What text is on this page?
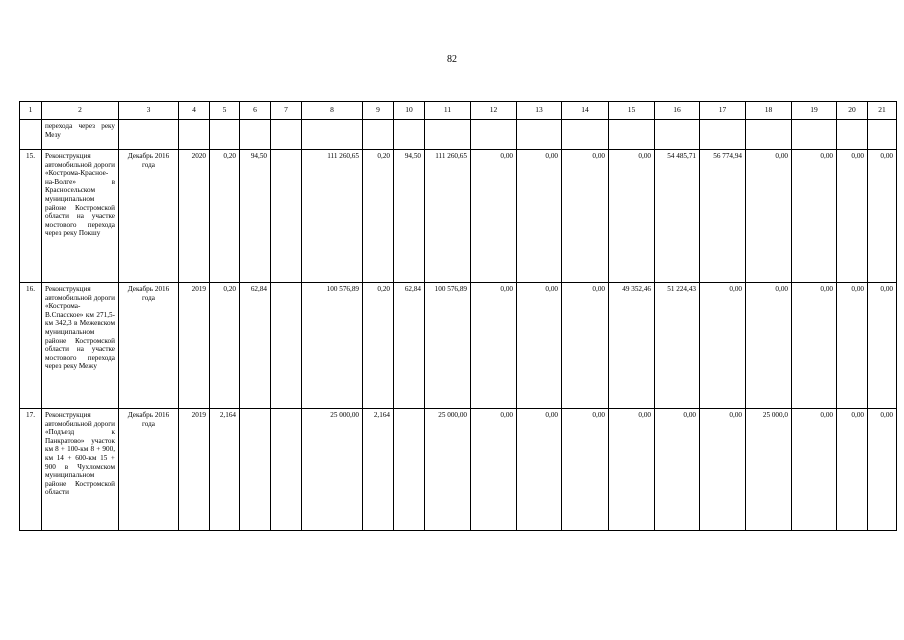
82
1	2	3	4	5	6	7	8	9	10	11	12	13	14	15	16	17	18	19	20	21
	перехода через реку Мезу																			
15.	Реконструкция автомобильной дороги «Кострома-Красное-на-Волге» в Красносельском муниципальном районе Костромской области на участке мостового перехода через реку Покшу	Декабрь 2016 года	2020	0,20	94,50		111 260,65	0,20	94,50	111 260,65	0,00	0,00	0,00	0,00	54 485,71	56 774,94	0,00	0,00	0,00	0,00
16.	Реконструкция автомобильной дороги «Кострома-В.Спасское» км 271,5-км 342,3 в Межевском муниципальном районе Костромской области на участке мостового перехода через реку Межу	Декабрь 2016 года	2019	0,20	62,84		100 576,89	0,20	62,84	100 576,89	0,00	0,00	0,00	49 352,46	51 224,43	0,00	0,00	0,00	0,00	0,00
17.	Реконструкция автомобильной дороги «Подъезд к Панкратово» участок км 8 + 100-км 8 + 900, км 14 + 600-км 15 + 900 в Чухломском муниципальном районе Костромской области	Декабрь 2016 года	2019	2,164			25 000,00	2,164		25 000,00	0,00	0,00	0,00	0,00	0,00	0,00	25 000,0	0,00	0,00	0,00
